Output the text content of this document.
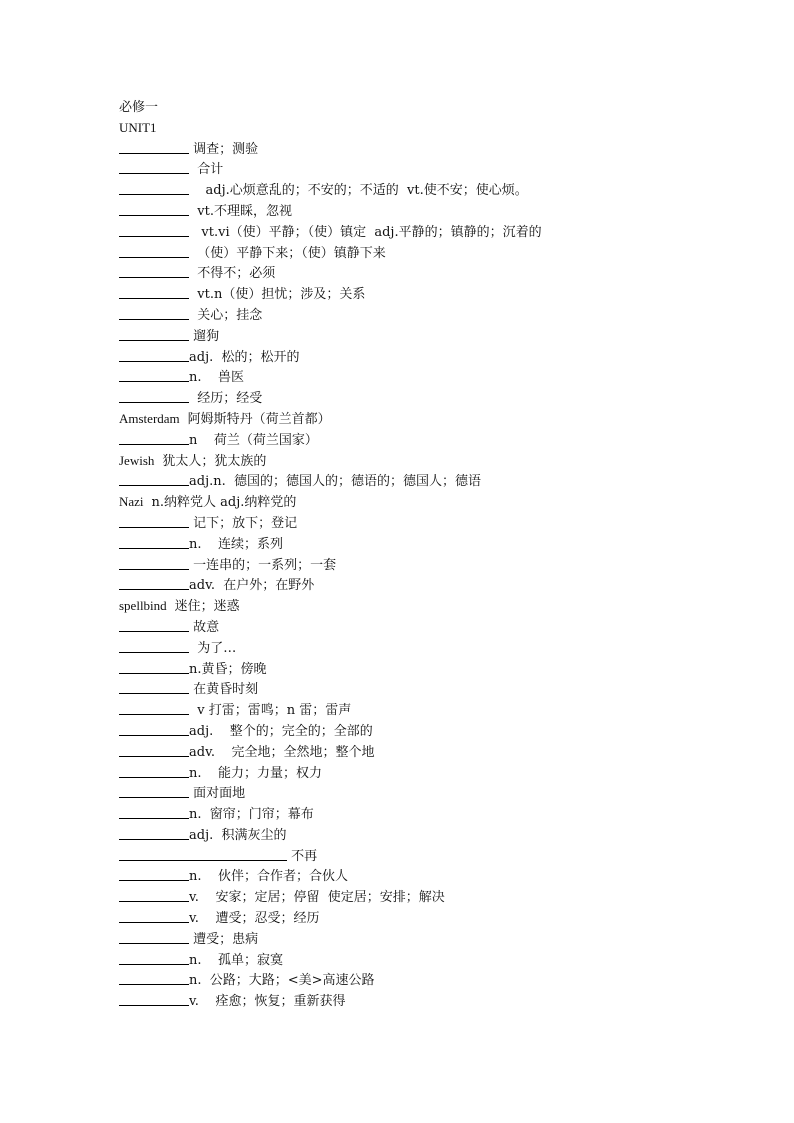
必修一
UNIT1
调查；测验
合计
adj.心烦意乱的；不安的；不适的  vt.使不安；使心烦。
vt.不理睬，忽视
vt.vi（使）平静；（使）镇定  adj.平静的；镇静的；沉着的
（使）平静下来；（使）镇静下来
不得不；必须
vt.n（使）担忧；涉及；关系
关心；挂念
遛狗
adj.  松的；松开的
n.    兽医
经历；经受
Amsterdam 阿姆斯特丹（荷兰首都）
n    荷兰（荷兰国家）
Jewish 犹太人；犹太族的
adj.n.  德国的；德国人的；德语的；德国人；德语
Nazi n.纳粹党人 adj.纳粹党的
记下；放下；登记
n.    连续；系列
一连串的；一系列；一套
adv.  在户外；在野外
spellbind 迷住；迷惑
故意
为了…
n.黄昏；傍晚
在黄昏时刻
v 打雷；雷鸣；n 雷；雷声
adj.    整个的；完全的；全部的
adv.    完全地；全然地；整个地
n.    能力；力量；权力
面对面地
n.  窗帘；门帘；幕布
adj.  积满灰尘的
不再
n.    伙伴；合作者；合伙人
v.    安家；定居；停留  使定居；安排；解决
v.    遭受；忍受；经历
遭受；患病
n.    孤单；寂寞
n.  公路；大路；<美>高速公路
v.    痊愈；恢复；重新获得
